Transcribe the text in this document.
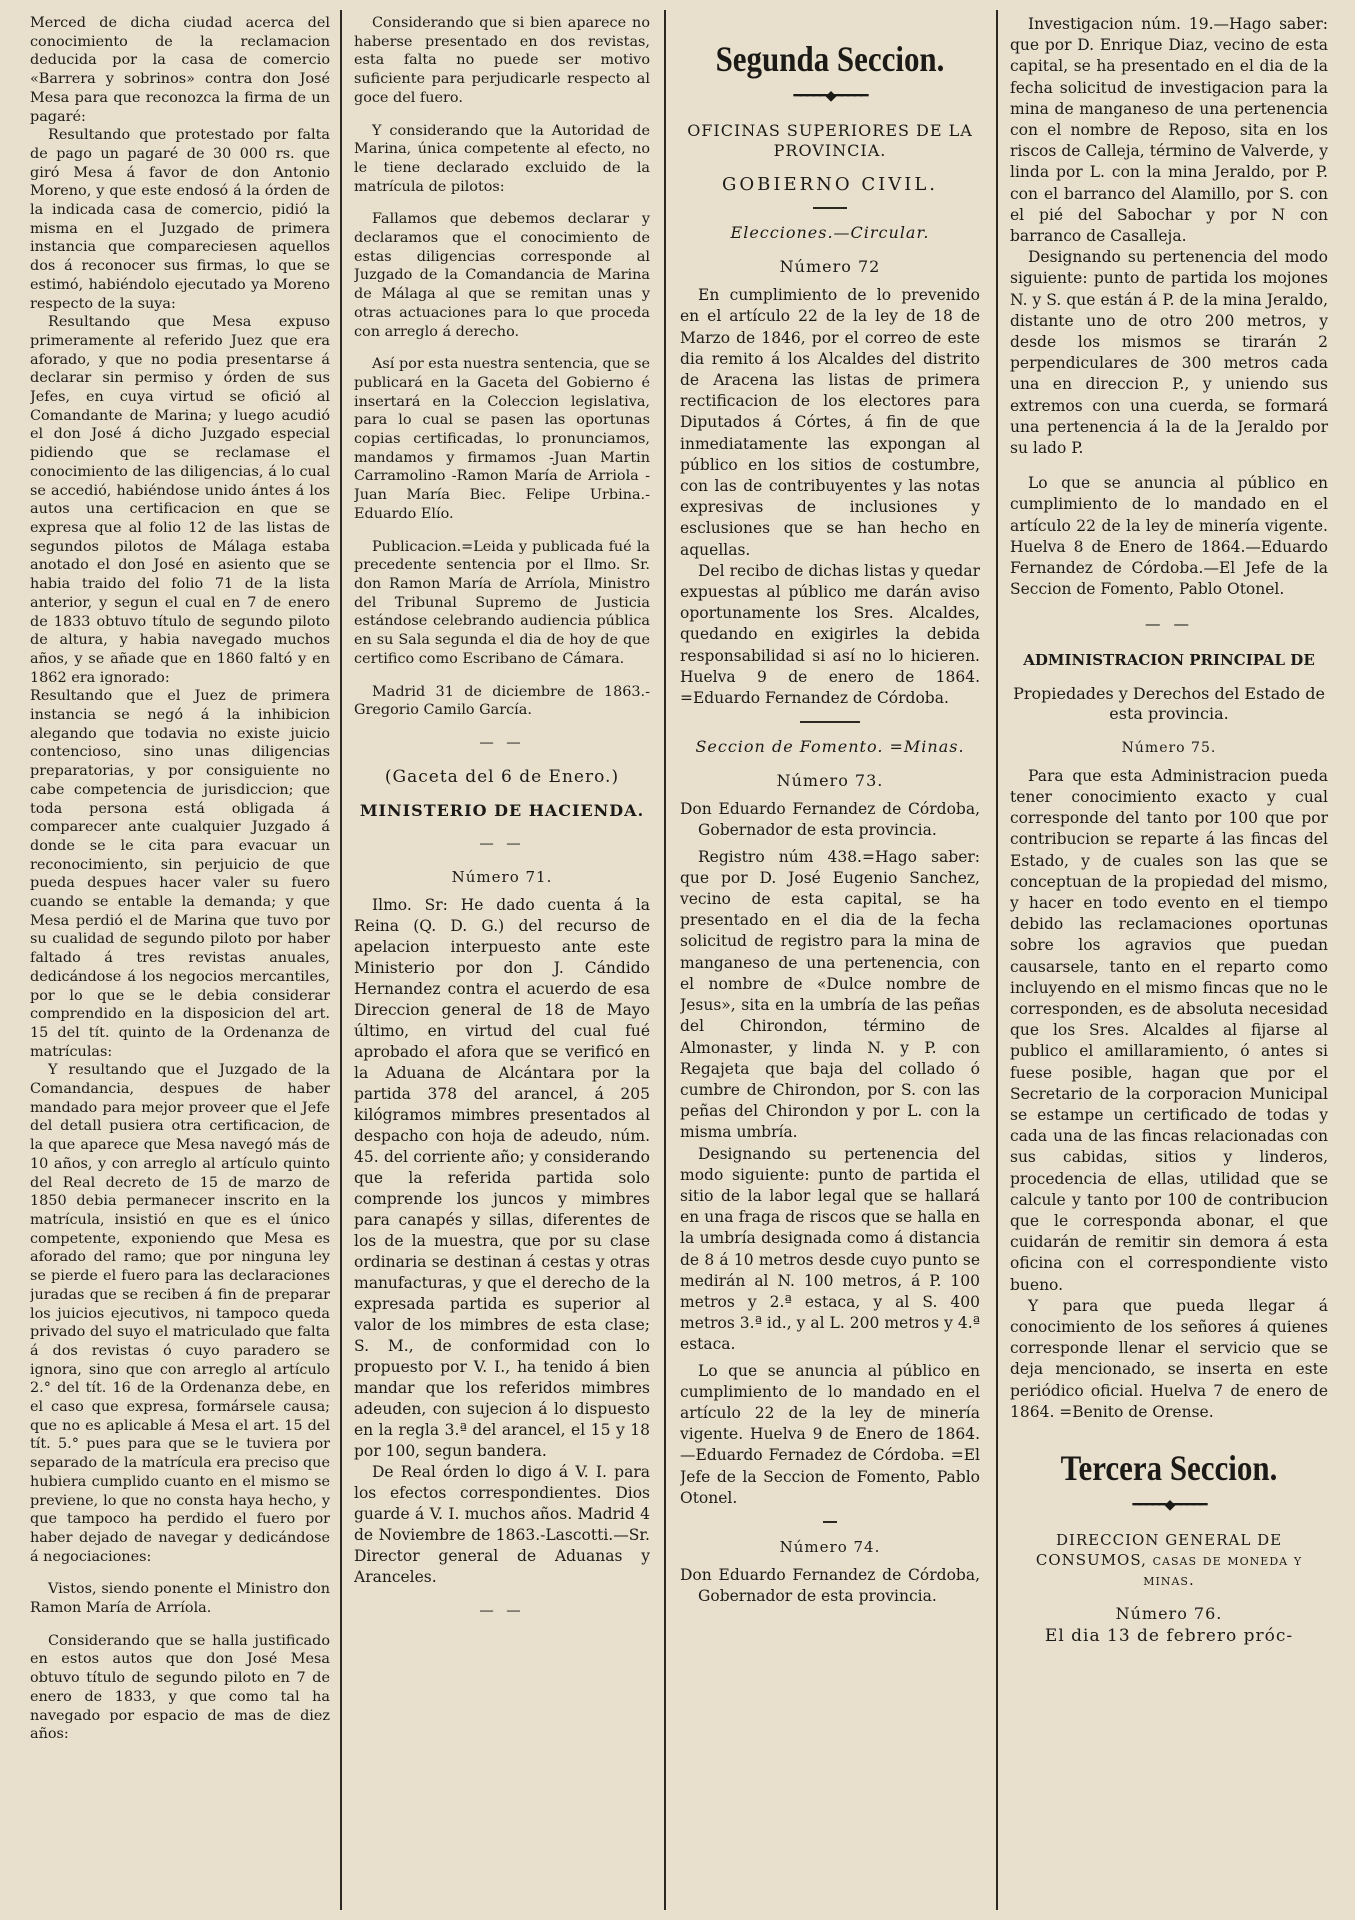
Merced de dicha ciudad acerca del conocimiento de la reclamacion deducida por la casa de comercio «Barrera y sobrinos» contra don José Mesa para que reconozca la firma de un pagaré:

Resultando que protestado por falta de pago un pagaré de 30 000 rs. que giró Mesa á favor de don Antonio Moreno, y que este endosó á la órden de la indicada casa de comercio, pidió la misma en el Juzgado de primera instancia que compareciesen aquellos dos á reconocer sus firmas, lo que se estimó, habiéndolo ejecutado ya Moreno respecto de la suya:

Resultando que Mesa expuso primeramente al referido Juez que era aforado, y que no podia presentarse á declarar sin permiso y órden de sus Jefes, en cuya virtud se ofició al Comandante de Marina; y luego acudió el don José á dicho Juzgado especial pidiendo que se reclamase el conocimiento de las diligencias, á lo cual se accedió, habiéndose unido ántes á los autos una certificacion en que se expresa que al folio 12 de las listas de segundos pilotos de Málaga estaba anotado el don José en asiento que se habia traido del folio 71 de la lista anterior, y segun el cual en 7 de enero de 1833 obtuvo título de segundo piloto de altura, y habia navegado muchos años, y se añade que en 1860 faltó y en 1862 era ignorado:

Resultando que el Juez de primera instancia se negó á la inhibicion alegando que todavia no existe juicio contencioso, sino unas diligencias preparatorias, y por consiguiente no cabe competencia de jurisdiccion; que toda persona está obligada á comparecer ante cualquier Juzgado á donde se le cita para evacuar un reconocimiento, sin perjuicio de que pueda despues hacer valer su fuero cuando se entable la demanda; y que Mesa perdió el de Marina que tuvo por su cualidad de segundo piloto por haber faltado á tres revistas anuales, dedicándose á los negocios mercantiles, por lo que se le debia considerar comprendido en la disposicion del art. 15 del tít. quinto de la Ordenanza de matrículas:

Y resultando que el Juzgado de la Comandancia, despues de haber mandado para mejor proveer que el Jefe del detall pusiera otra certificacion, de la que aparece que Mesa navegó más de 10 años, y con arreglo al artículo quinto del Real decreto de 15 de marzo de 1850 debia permanecer inscrito en la matrícula, insistió en que es el único competente, exponiendo que Mesa es aforado del ramo; que por ninguna ley se pierde el fuero para las declaraciones juradas que se reciben á fin de preparar los juicios ejecutivos, ni tampoco queda privado del suyo el matriculado que falta á dos revistas ó cuyo paradero se ignora, sino que con arreglo al artículo 2.° del tít. 16 de la Ordenanza debe, en el caso que expresa, formársele causa; que no es aplicable á Mesa el art. 15 del tít. 5.° pues para que se le tuviera por separado de la matrícula era preciso que hubiera cumplido cuanto en el mismo se previene, lo que no consta haya hecho, y que tampoco ha perdido el fuero por haber dejado de navegar y dedicándose á negociaciones:

Vistos, siendo ponente el Ministro don Ramon María de Arríola.

Considerando que se halla justificado en estos autos que don José Mesa obtuvo título de segundo piloto en 7 de enero de 1833, y que como tal ha navegado por espacio de mas de diez años:

Considerando que si bien aparece no haberse presentado en dos revistas, esta falta no puede ser motivo suficiente para perjudicarle respecto al goce del fuero.

Y considerando que la Autoridad de Marina, única competente al efecto, no le tiene declarado excluido de la matrícula de pilotos:

Fallamos que debemos declarar y declaramos que el conocimiento de estas diligencias corresponde al Juzgado de la Comandancia de Marina de Málaga al que se remitan unas y otras actuaciones para lo que proceda con arreglo á derecho.

Así por esta nuestra sentencia, que se publicará en la Gaceta del Gobierno é insertará en la Coleccion legislativa, para lo cual se pasen las oportunas copias certificadas, lo pronunciamos, mandamos y firmamos -Juan Martin Carramolino -Ramon María de Arriola -Juan María Biec. Felipe Urbina.-Eduardo Elío.

Publicacion.=Leida y publicada fué la precedente sentencia por el Ilmo. Sr. don Ramon María de Arríola, Ministro del Tribunal Supremo de Justicia estándose celebrando audiencia pública en su Sala segunda el dia de hoy de que certifico como Escribano de Cámara.

Madrid 31 de diciembre de 1863.-Gregorio Camilo García.

— —
(Gaceta del 6 de Enero.)
MINISTERIO DE HACIENDA.
— —
Número 71.

Ilmo. Sr: He dado cuenta á la Reina (Q. D. G.) del recurso de apelacion interpuesto ante este Ministerio por don J. Cándido Hernandez contra el acuerdo de esa Direccion general de 18 de Mayo último, en virtud del cual fué aprobado el afora que se verificó en la Aduana de Alcántara por la partida 378 del arancel, á 205 kilógramos mimbres presentados al despacho con hoja de adeudo, núm. 45. del corriente año; y considerando que la referida partida solo comprende los juncos y mimbres para canapés y sillas, diferentes de los de la muestra, que por su clase ordinaria se destinan á cestas y otras manufacturas, y que el derecho de la expresada partida es superior al valor de los mimbres de esta clase; S. M., de conformidad con lo propuesto por V. I., ha tenido á bien mandar que los referidos mimbres adeuden, con sujecion á lo dispuesto en la regla 3.ª del arancel, el 15 y 18 por 100, segun bandera.

De Real órden lo digo á V. I. para los efectos correspondientes. Dios guarde á V. I. muchos años. Madrid 4 de Noviembre de 1863.-Lascotti.—Sr. Director general de Aduanas y Aranceles.

— —
Segunda Seccion.
━━━━━◆━━━━━
OFICINAS SUPERIORES DE LA PROVINCIA.
GOBIERNO CIVIL.
Elecciones.—Circular.
Número 72

En cumplimiento de lo prevenido en el artículo 22 de la ley de 18 de Marzo de 1846, por el correo de este dia remito á los Alcaldes del distrito de Aracena las listas de primera rectificacion de los electores para Diputados á Córtes, á fin de que inmediatamente las expongan al público en los sitios de costumbre, con las de contribuyentes y las notas expresivas de inclusiones y esclusiones que se han hecho en aquellas.

Del recibo de dichas listas y quedar expuestas al público me darán aviso oportunamente los Sres. Alcaldes, quedando en exigirles la debida responsabilidad si así no lo hicieren. Huelva 9 de enero de 1864. =Eduardo Fernandez de Córdoba.

Seccion de Fomento. =Minas.
Número 73.

Don Eduardo Fernandez de Córdoba, Gobernador de esta provincia.

Registro núm 438.=Hago saber: que por D. José Eugenio Sanchez, vecino de esta capital, se ha presentado en el dia de la fecha solicitud de registro para la mina de manganeso de una pertenencia, con el nombre de «Dulce nombre de Jesus», sita en la umbría de las peñas del Chirondon, término de Almonaster, y linda N. y P. con Regajeta que baja del collado ó cumbre de Chirondon, por S. con las peñas del Chirondon y por L. con la misma umbría.

Designando su pertenencia del modo siguiente: punto de partida el sitio de la labor legal que se hallará en una fraga de riscos que se halla en la umbría designada como á distancia de 8 á 10 metros desde cuyo punto se medirán al N. 100 metros, á P. 100 metros y 2.ª estaca, y al S. 400 metros 3.ª id., y al L. 200 metros y 4.ª estaca.

Lo que se anuncia al público en cumplimiento de lo mandado en el artículo 22 de la ley de minería vigente. Huelva 9 de Enero de 1864. —Eduardo Fernadez de Córdoba. =El Jefe de la Seccion de Fomento, Pablo Otonel.

Número 74.

Don Eduardo Fernandez de Córdoba, Gobernador de esta provincia.

Investigacion núm. 19.—Hago saber: que por D. Enrique Diaz, vecino de esta capital, se ha presentado en el dia de la fecha solicitud de investigacion para la mina de manganeso de una pertenencia con el nombre de Reposo, sita en los riscos de Calleja, término de Valverde, y linda por L. con la mina Jeraldo, por P. con el barranco del Alamillo, por S. con el pié del Sabochar y por N con barranco de Casalleja.

Designando su pertenencia del modo siguiente: punto de partida los mojones N. y S. que están á P. de la mina Jeraldo, distante uno de otro 200 metros, y desde los mismos se tirarán 2 perpendiculares de 300 metros cada una en direccion P., y uniendo sus extremos con una cuerda, se formará una pertenencia á la de la Jeraldo por su lado P.

Lo que se anuncia al público en cumplimiento de lo mandado en el artículo 22 de la ley de minería vigente. Huelva 8 de Enero de 1864.—Eduardo Fernandez de Córdoba.—El Jefe de la Seccion de Fomento, Pablo Otonel.

— —
ADMINISTRACION PRINCIPAL DE
Propiedades y Derechos del Estado de esta provincia.
Número 75.

Para que esta Administracion pueda tener conocimiento exacto y cual corresponde del tanto por 100 que por contribucion se reparte á las fincas del Estado, y de cuales son las que se conceptuan de la propiedad del mismo, y hacer en todo evento en el tiempo debido las reclamaciones oportunas sobre los agravios que puedan causarsele, tanto en el reparto como incluyendo en el mismo fincas que no le corresponden, es de absoluta necesidad que los Sres. Alcaldes al fijarse al publico el amillaramiento, ó antes si fuese posible, hagan que por el Secretario de la corporacion Municipal se estampe un certificado de todas y cada una de las fincas relacionadas con sus cabidas, sitios y linderos, procedencia de ellas, utilidad que se calcule y tanto por 100 de contribucion que le corresponda abonar, el que cuidarán de remitir sin demora á esta oficina con el correspondiente visto bueno.

Y para que pueda llegar á conocimiento de los señores á quienes corresponde llenar el servicio que se deja mencionado, se inserta en este periódico oficial. Huelva 7 de enero de 1864. =Benito de Orense.

Tercera Seccion.
━━━━━◆━━━━━
DIRECCION GENERAL DE CONSUMOS, casas de moneda y minas.
Número 76.
El dia 13 de febrero próc-
